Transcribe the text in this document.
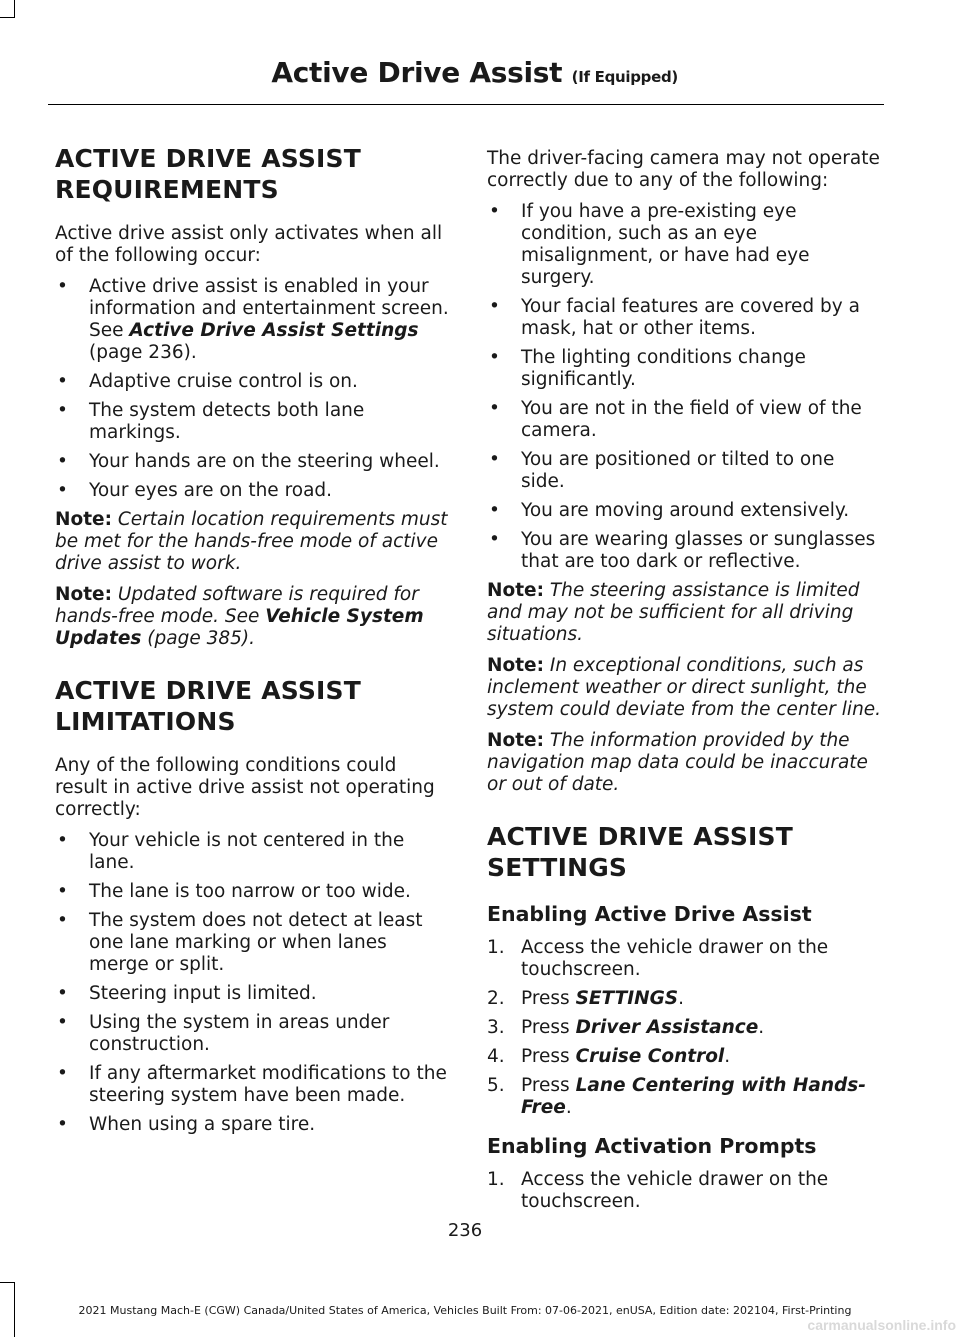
Active Drive Assist (If Equipped)
ACTIVE DRIVE ASSIST
REQUIREMENTS

Active drive assist only activates when all of the following occur:

• Active drive assist is enabled in your information and entertainment screen. See Active Drive Assist Settings (page 236).
• Adaptive cruise control is on.
• The system detects both lane markings.
• Your hands are on the steering wheel.
• Your eyes are on the road.

Note: Certain location requirements must be met for the hands-free mode of active drive assist to work.

Note: Updated software is required for hands-free mode. See Vehicle System Updates (page 385).

ACTIVE DRIVE ASSIST
LIMITATIONS

Any of the following conditions could result in active drive assist not operating correctly:

• Your vehicle is not centered in the lane.
• The lane is too narrow or too wide.
• The system does not detect at least one lane marking or when lanes merge or split.
• Steering input is limited.
• Using the system in areas under construction.
• If any aftermarket modifications to the steering system have been made.
• When using a spare tire.

The driver-facing camera may not operate correctly due to any of the following:

• If you have a pre-existing eye condition, such as an eye misalignment, or have had eye surgery.
• Your facial features are covered by a mask, hat or other items.
• The lighting conditions change significantly.
• You are not in the field of view of the camera.
• You are positioned or tilted to one side.
• You are moving around extensively.
• You are wearing glasses or sunglasses that are too dark or reflective.

Note: The steering assistance is limited and may not be sufficient for all driving situations.

Note: In exceptional conditions, such as inclement weather or direct sunlight, the system could deviate from the center line.

Note: The information provided by the navigation map data could be inaccurate or out of date.

ACTIVE DRIVE ASSIST
SETTINGS
Enabling Active Drive Assist
1. Access the vehicle drawer on the touchscreen.
2. Press SETTINGS.
3. Press Driver Assistance.
4. Press Cruise Control.
5. Press Lane Centering with Hands-Free.
Enabling Activation Prompts
1. Access the vehicle drawer on the touchscreen.
236
2021 Mustang Mach-E (CGW) Canada/United States of America, Vehicles Built From: 07-06-2021, enUSA, Edition date: 202104, First-Printing
carmanualsonline.info
